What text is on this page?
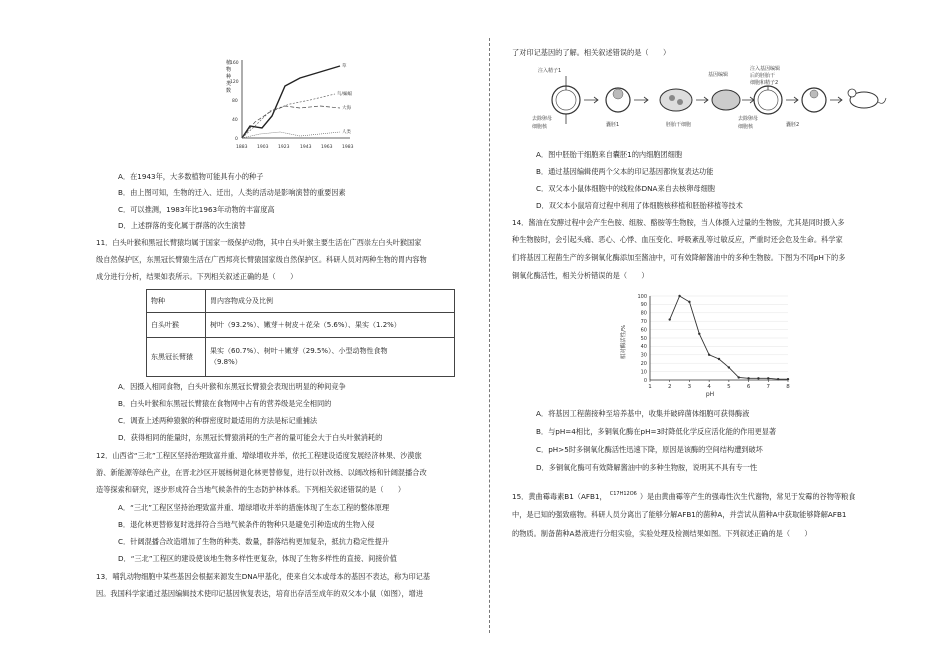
植
物
种
类
数
160
120
80
40
0
1883 1903 1923 1943 1963 1983
草
鸟/蝙蝠
大海
人类
A．在1943年，大多数植物可能具有小的种子
B．由上图可知，生物的迁入、迁出，人类的活动是影响演替的重要因素
C．可以推测，1983年比1963年动物的丰富度高
D．上述群落的变化属于群落的次生演替
11．白头叶猴和黑冠长臂猿均属于国家一级保护动物，其中白头叶猴主要生活在广西崇左白头叶猴国家
级自然保护区，东黑冠长臂猿生活在广西邦亮长臂猿国家级自然保护区。科研人员对两种生物的胃内容物
成分进行分析，结果如表所示。下列相关叙述正确的是（　　）
物种	胃内容物成分及比例
白头叶猴	树叶（93.2%）、嫩芽＋树皮＋花朵（5.6%）、果实（1.2%）
东黑冠长臂猿	果实（60.7%）、树叶＋嫩芽（29.5%）、小型动物性食物
（9.8%）
A．因摄入相同食物，白头叶猴和东黑冠长臂猿会表现出明显的种间竞争
B．白头叶猴和东黑冠长臂猿在食物网中占有的营养级是完全相同的
C．调查上述两种猿猴的种群密度时最适用的方法是标记重捕法
D．获得相同的能量时，东黑冠长臂猿消耗的生产者的量可能会大于白头叶猴消耗的
12．山西省“三北”工程区坚持治理致富并重、增绿增收并举，依托工程建设适度发展经济林果、沙漠旅
游、新能源等绿色产业，在晋北沙区开展杨树退化林更替修复，进行以针改杨、以阔改杨和针阔混播合改
造等探索和研究，逐步形成符合当地气候条件的生态防护林体系。下列相关叙述错误的是（　　）
A．“三北”工程区坚持治理致富并重、增绿增收并举的措施体现了生态工程的整体原理
B．退化林更替修复时选择符合当地气候条件的物种只是避免引种造成的生物入侵
C．针阔混播合改造增加了生物的种类、数量，群落结构更加复杂，抵抗力稳定性提升
D．“三北”工程区的建设使该地生物多样性更复杂，体现了生物多样性的直接、间接价值
13．哺乳动物细胞中某些基因会根据来源发生DNA甲基化，使来自父本或母本的基因不表达，称为印记基
因。我国科学家通过基因编辑技术使印记基因恢复表达，培育出存活至成年的双父本小鼠（如图），增进
了对印记基因的了解。相关叙述错误的是（　　）
注入精子1
去除卵母
细胞核
基因编辑
注入基因编辑
后的胚胎干
细胞和精子2
囊胚1	胚胎干细胞
去除卵母
细胞核	囊胚2
A．图中胚胎干细胞来自囊胚1的内细胞团细胞
B．通过基因编辑使两个父本的印记基因都恢复表达功能
C．双父本小鼠体细胞中的线粒体DNA来自去核卵母细胞
D．双父本小鼠培育过程中利用了体细胞核移植和胚胎移植等技术
14．酱油在发酵过程中会产生色胺、组胺、酪胺等生物胺，当人体摄入过量的生物胺，尤其是同时摄入多
种生物胺时，会引起头痛、恶心、心悸、血压变化、呼吸紊乱等过敏反应，严重时还会危及生命。科学家
们将基因工程菌生产的多铜氧化酶添加至酱油中，可有效降解酱油中的多种生物胺。下图为不同pH下的多
铜氧化酶活性，相关分析错误的是（　　）
相对酶活性/%
pH
0
10
20
30
40
50
60
70
80
90
100
1	2	3	4	5	6	7	8
A．将基因工程菌接种至培养基中，收集并破碎菌体细胞可获得酶液
B．与pH=4相比，多铜氧化酶在pH=3时降低化学反应活化能的作用更显著
C．pH>5时多铜氧化酶活性迅速下降，原因是该酶的空间结构遭到破坏
D．多铜氧化酶可有效降解酱油中的多种生物胺，说明其不具有专一性
15．黄曲霉毒素B1（AFB1， $^{C17H12O6}$ ）是由黄曲霉等产生的强毒性次生代谢物，常见于发霉的谷物等粮食
中，是已知的强致癌物。科研人员分离出了能够分解AFB1的菌种A，并尝试从菌种A中获取能够降解AFB1
的物质。制备菌种A悬液进行分组实验，实验处理及检测结果如图。下列叙述正确的是（　　）
